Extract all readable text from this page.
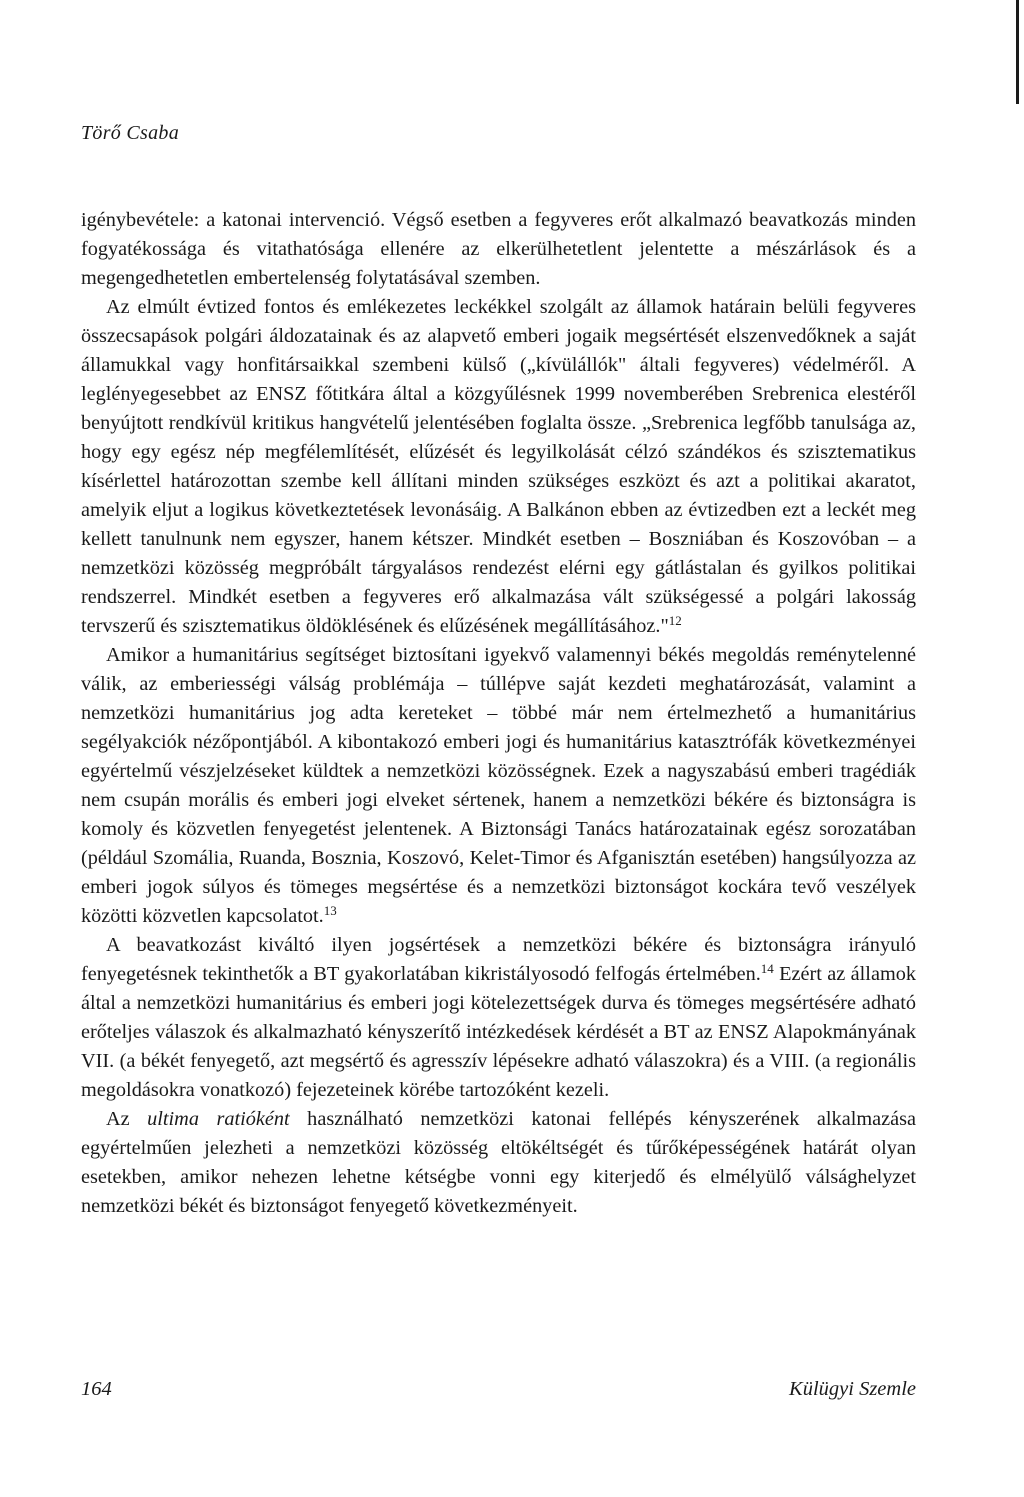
Törő Csaba

igénybevétele: a katonai intervenció. Végső esetben a fegyveres erőt alkalmazó beavatkozás minden fogyatékossága és vitathatósága ellenére az elkerülhetetlent jelentette a mészárlások és a megengedhetetlen embertelenség folytatásával szemben.

Az elmúlt évtized fontos és emlékezetes leckékkel szolgált az államok határain belüli fegyveres összecsapások polgári áldozatainak és az alapvető emberi jogaik megsértését elszenvedőknek a saját államukkal vagy honfitársaikkal szembeni külső („kívülállók" általi fegyveres) védelméről. A leglényegesebbet az ENSZ főtitkára által a közgyűlésnek 1999 novemberében Srebrenica elestéről benyújtott rendkívül kritikus hangvételű jelentésében foglalta össze. „Srebrenica legfőbb tanulsága az, hogy egy egész nép megfélemlítését, elűzését és legyilkolását célzó szándékos és szisztematikus kísérlettel határozottan szembe kell állítani minden szükséges eszközt és azt a politikai akaratot, amelyik eljut a logikus következtetések levonásáig. A Balkánon ebben az évtizedben ezt a leckét meg kellett tanulnunk nem egyszer, hanem kétszer. Mindkét esetben – Boszniában és Koszovóban – a nemzetközi közösség megpróbált tárgyalásos rendezést elérni egy gátlástalan és gyilkos politikai rendszerrel. Mindkét esetben a fegyveres erő alkalmazása vált szükségessé a polgári lakosság tervszerű és szisztematikus öldöklésének és elűzésének megállításához."$^{12}$

Amikor a humanitárius segítséget biztosítani igyekvő valamennyi békés megoldás reménytelenné válik, az emberiességi válság problémája – túllépve saját kezdeti meghatározását, valamint a nemzetközi humanitárius jog adta kereteket – többé már nem értelmezhető a humanitárius segélyakciók nézőpontjából. A kibontakozó emberi jogi és humanitárius katasztrófák következményei egyértelmű vészjelzéseket küldtek a nemzetközi közösségnek. Ezek a nagyszabású emberi tragédiák nem csupán morális és emberi jogi elveket sértenek, hanem a nemzetközi békére és biztonságra is komoly és közvetlen fenyegetést jelentenek. A Biztonsági Tanács határozatainak egész sorozatában (például Szomália, Ruanda, Bosznia, Koszovó, Kelet-Timor és Afganisztán esetében) hangsúlyozza az emberi jogok súlyos és tömeges megsértése és a nemzetközi biztonságot kockára tevő veszélyek közötti közvetlen kapcsolatot.$^{13}$

A beavatkozást kiváltó ilyen jogsértések a nemzetközi békére és biztonságra irányuló fenyegetésnek tekinthetők a BT gyakorlatában kikristályosodó felfogás értelmében.$^{14}$ Ezért az államok által a nemzetközi humanitárius és emberi jogi kötelezettségek durva és tömeges megsértésére adható erőteljes válaszok és alkalmazható kényszerítő intézkedések kérdését a BT az ENSZ Alapokmányának VII. (a békét fenyegető, azt megsértő és agresszív lépésekre adható válaszokra) és a VIII. (a regionális megoldásokra vonatkozó) fejezeteinek körébe tartozóként kezeli.

Az ultima ratióként használható nemzetközi katonai fellépés kényszerének alkalmazása egyértelműen jelezheti a nemzetközi közösség eltökéltségét és tűrőképességének határát olyan esetekben, amikor nehezen lehetne kétségbe vonni egy kiterjedő és elmélyülő válsághelyzet nemzetközi békét és biztonságot fenyegető következményeit.

164	Külügyi Szemle
